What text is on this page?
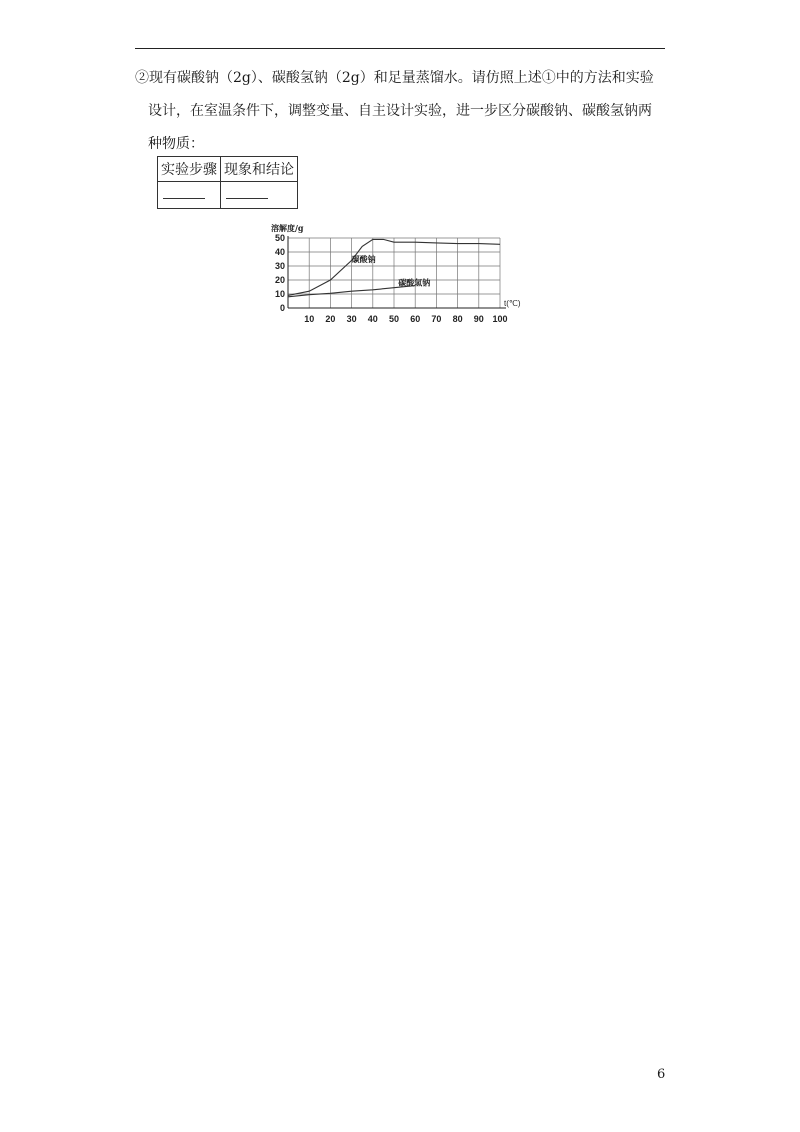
②现有碳酸钠（2g）、碳酸氢钠（2g）和足量蒸馏水。请仿照上述①中的方法和实验
设计，在室温条件下，调整变量、自主设计实验，进一步区分碳酸钠、碳酸氢钠两
种物质：
实验步骤	现象和结论

10 20 30 40 50 60 70 80 90 100
0
10
20
30
40
50
溶解度/g
t(℃)
碳酸钠
碳酸氢钠
6
